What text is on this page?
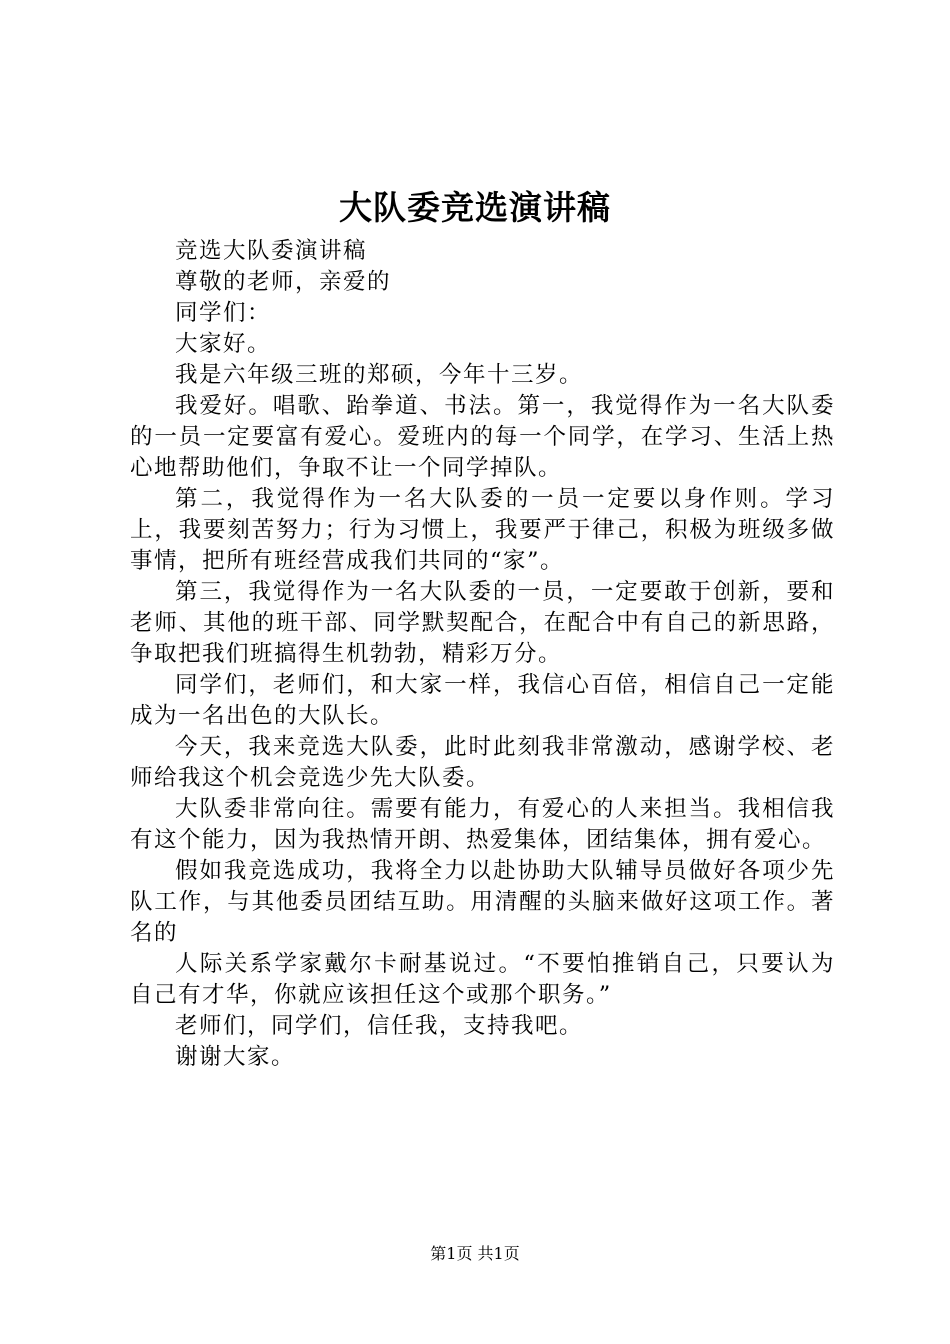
大队委竞选演讲稿

竞选大队委演讲稿

尊敬的老师，亲爱的

同学们：

大家好。

我是六年级三班的郑硕，今年十三岁。

我爱好。唱歌、跆拳道、书法。第一，我觉得作为一名大队委的一员一定要富有爱心。爱班内的每一个同学，在学习、生活上热心地帮助他们，争取不让一个同学掉队。

第二，我觉得作为一名大队委的一员一定要以身作则。学习上，我要刻苦努力；行为习惯上，我要严于律己，积极为班级多做事情，把所有班经营成我们共同的“家”。

第三，我觉得作为一名大队委的一员，一定要敢于创新，要和老师、其他的班干部、同学默契配合，在配合中有自己的新思路，争取把我们班搞得生机勃勃，精彩万分。

同学们，老师们，和大家一样，我信心百倍，相信自己一定能成为一名出色的大队长。

今天，我来竞选大队委，此时此刻我非常激动，感谢学校、老师给我这个机会竞选少先大队委。

大队委非常向往。需要有能力，有爱心的人来担当。我相信我有这个能力，因为我热情开朗、热爱集体，团结集体，拥有爱心。

假如我竞选成功，我将全力以赴协助大队辅导员做好各项少先队工作，与其他委员团结互助。用清醒的头脑来做好这项工作。著名的

人际关系学家戴尔卡耐基说过。“不要怕推销自己，只要认为自己有才华，你就应该担任这个或那个职务。”

老师们，同学们，信任我，支持我吧。

谢谢大家。

第1页 共1页
